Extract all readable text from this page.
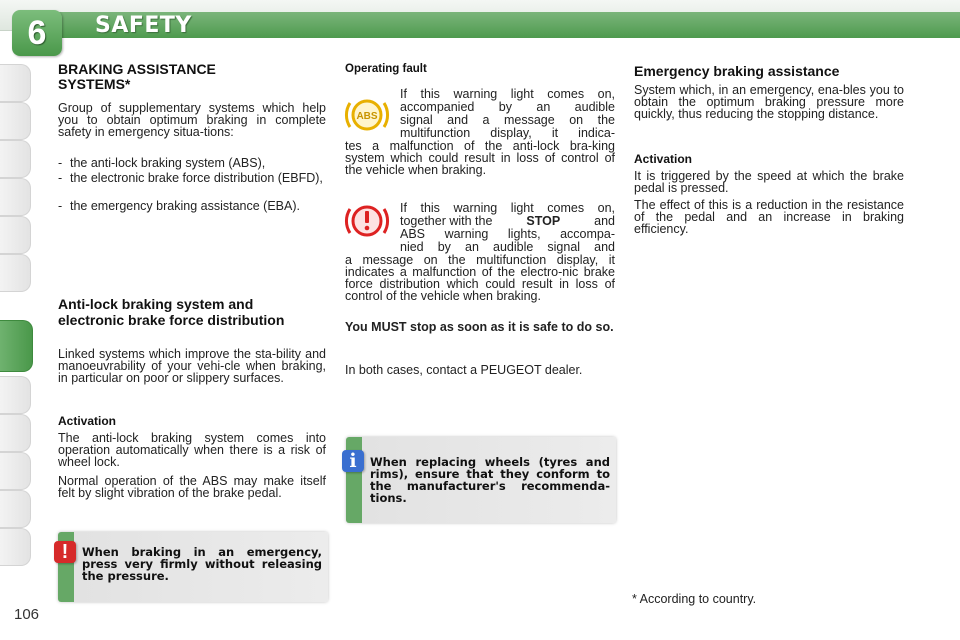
6	SAFETY
BRAKING ASSISTANCE SYSTEMS*
Group of supplementary systems which help you to obtain optimum braking in complete safety in emergency situa-tions:
- the anti-lock braking system (ABS),
- the electronic brake force distribution (EBFD),
- the emergency braking assistance (EBA).
Anti-lock braking system and electronic brake force distribution
Linked systems which improve the sta-bility and manoeuvrability of your vehi-cle when braking, in particular on poor or slippery surfaces.
Activation
The anti-lock braking system comes into operation automatically when there is a risk of wheel lock.
Normal operation of the ABS may make itself felt by slight vibration of the brake pedal.
When braking in an emergency, press very firmly without releasing the pressure.
!
Operating fault
ABS
If this warning light comes on,
accompanied by an audible
signal and a message on the
multifunction display, it indica-
tes a malfunction of the anti-lock bra-king system which could result in loss of control of the vehicle when braking.
If this warning light comes on,
together with the	STOP	and
ABS warning lights, accompa-
nied by an audible signal and
a message on the multifunction display, it indicates a malfunction of the electro-nic brake force distribution which could result in loss of control of the vehicle when braking.
You MUST stop as soon as it is safe to do so.
In both cases, contact a PEUGEOT dealer.
When replacing wheels (tyres and rims), ensure that they conform to the manufacturer's recommenda-tions.
i
Emergency braking assistance
System which, in an emergency, ena-bles you to obtain the optimum braking pressure more quickly, thus reducing the stopping distance.
Activation
It is triggered by the speed at which the brake pedal is pressed.
The effect of this is a reduction in the resistance of the pedal and an increase in braking efficiency.
* According to country.
106
